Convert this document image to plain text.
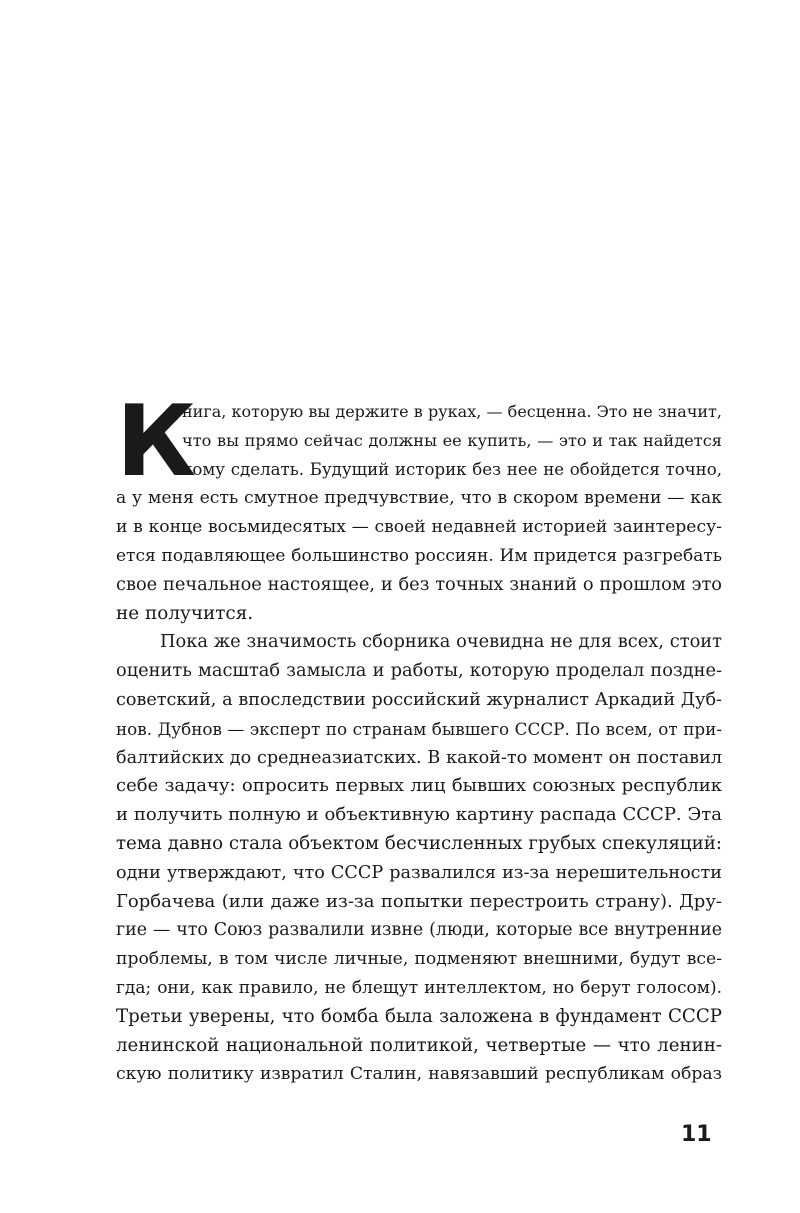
К
нига, которую вы держите в руках, — бесценна. Это не значит,
что вы прямо сейчас должны ее купить, — это и так найдется
кому сделать. Будущий историк без нее не обойдется точно,
а у меня есть смутное предчувствие, что в скором времени — как
и в конце восьмидесятых — своей недавней историей заинтересу-
ется подавляющее большинство россиян. Им придется разгребать
свое печальное настоящее, и без точных знаний о прошлом это
не получится.
Пока же значимость сборника очевидна не для всех, стоит
оценить масштаб замысла и работы, которую проделал поздне-
советский, а впоследствии российский журналист Аркадий Дуб-
нов. Дубнов — эксперт по странам бывшего СССР. По всем, от при-
балтийских до среднеазиатских. В какой-то момент он поставил
себе задачу: опросить первых лиц бывших союзных республик
и получить полную и объективную картину распада СССР. Эта
тема давно стала объектом бесчисленных грубых спекуляций:
одни утверждают, что СССР развалился из-за нерешительности
Горбачева (или даже из-за попытки перестроить страну). Дру-
гие — что Союз развалили извне (люди, которые все внутренние
проблемы, в том числе личные, подменяют внешними, будут все-
гда; они, как правило, не блещут интеллектом, но берут голосом).
Третьи уверены, что бомба была заложена в фундамент СССР
ленинской национальной политикой, четвертые — что ленин-
скую политику извратил Сталин, навязавший республикам образ
11
